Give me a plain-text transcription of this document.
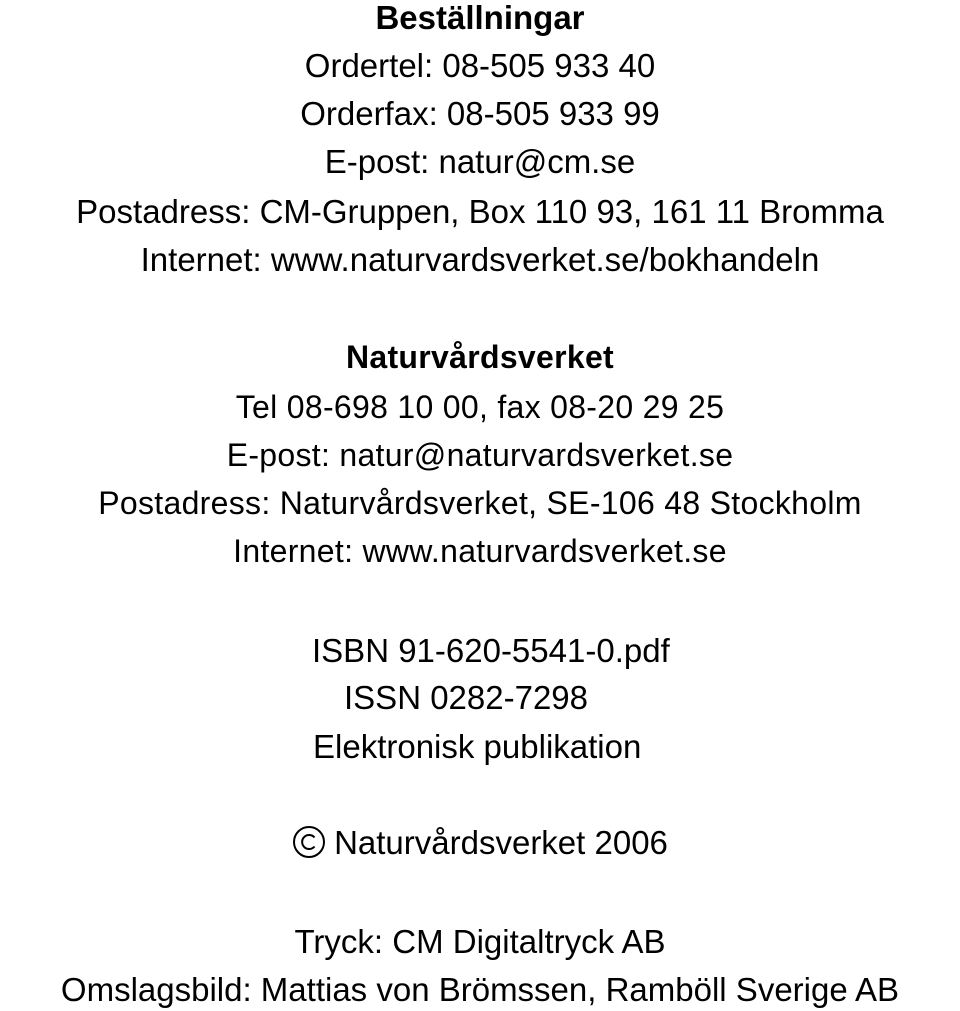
Beställningar
Ordertel: 08-505 933 40
Orderfax: 08-505 933 99
E-post: natur@cm.se
Postadress: CM-Gruppen, Box 110 93, 161 11 Bromma
Internet: www.naturvardsverket.se/bokhandeln
Naturvårdsverket
Tel 08-698 10 00, fax 08-20 29 25
E-post: natur@naturvardsverket.se
Postadress: Naturvårdsverket, SE-106 48 Stockholm
Internet: www.naturvardsverket.se
ISBN 91-620-5541-0.pdf
ISSN 0282-7298
Elektronisk publikation
Naturvårdsverket 2006
Tryck: CM Digitaltryck AB
Omslagsbild: Mattias von Brömssen, Ramböll Sverige AB
